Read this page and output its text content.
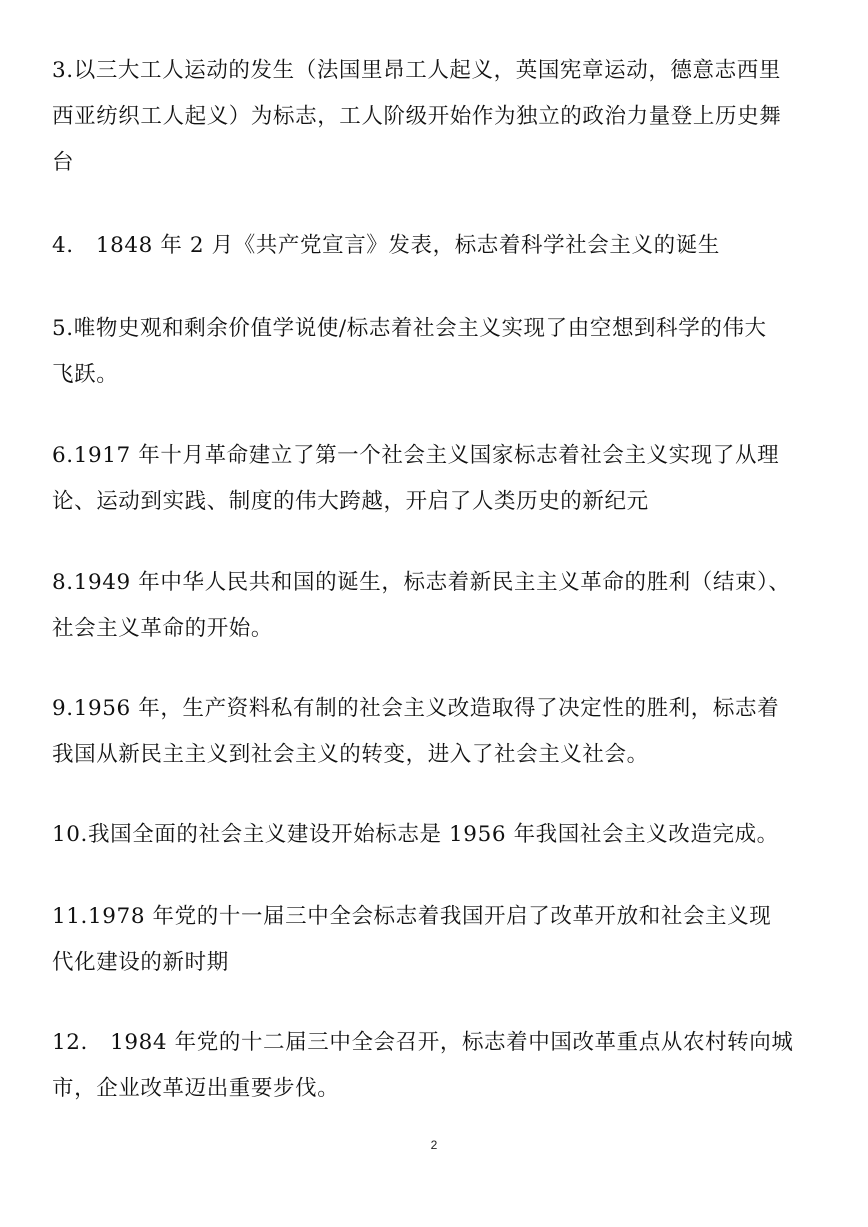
3.以三大工人运动的发生（法国里昂工人起义，英国宪章运动，德意志西里
西亚纺织工人起义）为标志，工人阶级开始作为独立的政治力量登上历史舞
台

4.　1848 年 2 月《共产党宣言》发表，标志着科学社会主义的诞生

5.唯物史观和剩余价值学说使/标志着社会主义实现了由空想到科学的伟大
飞跃。

6.1917 年十月革命建立了第一个社会主义国家标志着社会主义实现了从理
论、运动到实践、制度的伟大跨越，开启了人类历史的新纪元

8.1949 年中华人民共和国的诞生，标志着新民主主义革命的胜利（结束）、
社会主义革命的开始。

9.1956 年，生产资料私有制的社会主义改造取得了决定性的胜利，标志着
我国从新民主主义到社会主义的转变，进入了社会主义社会。

10.我国全面的社会主义建设开始标志是 1956 年我国社会主义改造完成。

11.1978 年党的十一届三中全会标志着我国开启了改革开放和社会主义现
代化建设的新时期

12.　1984 年党的十二届三中全会召开，标志着中国改革重点从农村转向城
市，企业改革迈出重要步伐。

2
